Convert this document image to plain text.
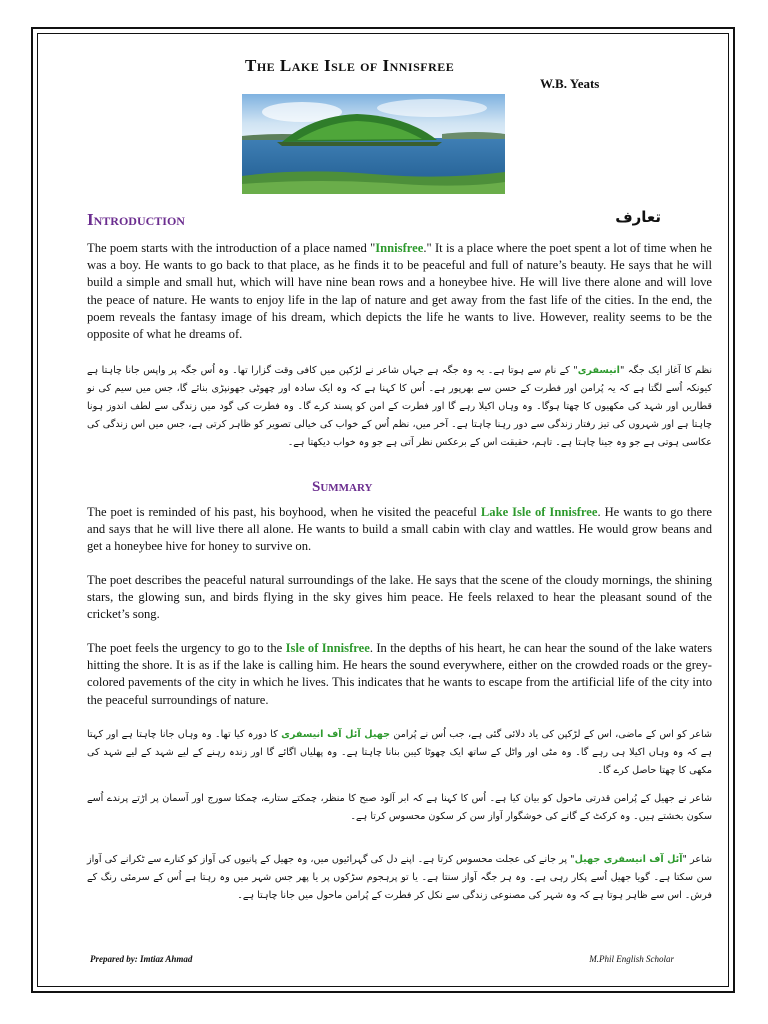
The Lake Isle of Innisfree
W.B. Yeats
Introduction	تعارف

The poem starts with the introduction of a place named "Innisfree." It is a place where the poet spent a lot of time when he was a boy. He wants to go back to that place, as he finds it to be peaceful and full of nature’s beauty. He says that he will build a simple and small hut, which will have nine bean rows and a honeybee hive. He will live there alone and will love the peace of nature. He wants to enjoy life in the lap of nature and get away from the fast life of the cities. In the end, the poem reveals the fantasy image of his dream, which depicts the life he wants to live. However, reality seems to be the opposite of what he dreams of.

نظم کا آغاز ایک جگہ "انیسفری" کے نام سے ہوتا ہے۔ یہ وہ جگہ ہے جہاں شاعر نے لڑکپن میں کافی وقت گزارا تھا۔ وہ اُس جگہ پر واپس جانا چاہتا ہے کیونکہ اُسے لگتا ہے کہ یہ پُرامن اور فطرت کے حسن سے بھرپور ہے۔ اُس کا کہنا ہے کہ وہ ایک سادہ اور چھوٹی جھونپڑی بنائے گا، جس میں سیم کی نو قطاریں اور شہد کی مکھیوں کا چھتا ہوگا۔ وہ وہاں اکیلا رہے گا اور فطرت کے امن کو پسند کرے گا۔ وہ فطرت کی گود میں زندگی سے لطف اندوز ہونا چاہتا ہے اور شہروں کی تیز رفتار زندگی سے دور رہنا چاہتا ہے۔ آخر میں، نظم اُس کے خواب کی خیالی تصویر کو ظاہر کرتی ہے، جس میں اس زندگی کی عکاسی ہوتی ہے جو وہ جینا چاہتا ہے۔ تاہم، حقیقت اس کے برعکس نظر آتی ہے جو وہ خواب دیکھتا ہے۔

Summary

The poet is reminded of his past, his boyhood, when he visited the peaceful Lake Isle of Innisfree. He wants to go there and says that he will live there all alone. He wants to build a small cabin with clay and wattles. He would grow beans and get a honeybee hive for honey to survive on.

The poet describes the peaceful natural surroundings of the lake. He says that the scene of the cloudy mornings, the shining stars, the glowing sun, and birds flying in the sky gives him peace. He feels relaxed to hear the pleasant sound of the cricket’s song.

The poet feels the urgency to go to the Isle of Innisfree. In the depths of his heart, he can hear the sound of the lake waters hitting the shore. It is as if the lake is calling him. He hears the sound everywhere, either on the crowded roads or the grey-colored pavements of the city in which he lives. This indicates that he wants to escape from the artificial life of the city into the peaceful surroundings of nature.

شاعر کو اس کے ماضی، اس کے لڑکپن کی یاد دلائی گئی ہے، جب اُس نے پُرامن جھیل آئل آف انیسفری کا دورہ کیا تھا۔ وہ وہاں جانا چاہتا ہے اور کہتا ہے کہ وہ وہاں اکیلا ہی رہے گا۔ وہ مٹی اور واٹل کے ساتھ ایک چھوٹا کیبن بنانا چاہتا ہے۔ وہ پھلیاں اگائے گا اور زندہ رہنے کے لیے شہد کے لیے شہد کی مکھی کا چھتا حاصل کرے گا۔

شاعر نے جھیل کے پُرامن قدرتی ماحول کو بیان کیا ہے۔ اُس کا کہنا ہے کہ ابر آلود صبح کا منظر، چمکتے ستارے، چمکتا سورج اور آسمان پر اڑتے پرندے اُسے سکون بخشتے ہیں۔ وہ کرکٹ کے گانے کی خوشگوار آواز سن کر سکون محسوس کرتا ہے۔

شاعر "آئل آف انیسفری جھیل" پر جانے کی عجلت محسوس کرتا ہے۔ اپنے دل کی گہرائیوں میں، وہ جھیل کے پانیوں کی آواز کو کنارے سے ٹکرانے کی آواز سن سکتا ہے۔ گویا جھیل اُسے پکار رہی ہے۔ وہ ہر جگہ آواز سنتا ہے۔ یا تو پرہجوم سڑکوں پر یا پھر جس شہر میں وہ رہتا ہے اُس کے سرمئی رنگ کے فرش۔ اس سے ظاہر ہوتا ہے کہ وہ شہر کی مصنوعی زندگی سے نکل کر فطرت کے پُرامن ماحول میں جانا چاہتا ہے۔

Prepared by: Imtiaz Ahmad	M.Phil English Scholar
